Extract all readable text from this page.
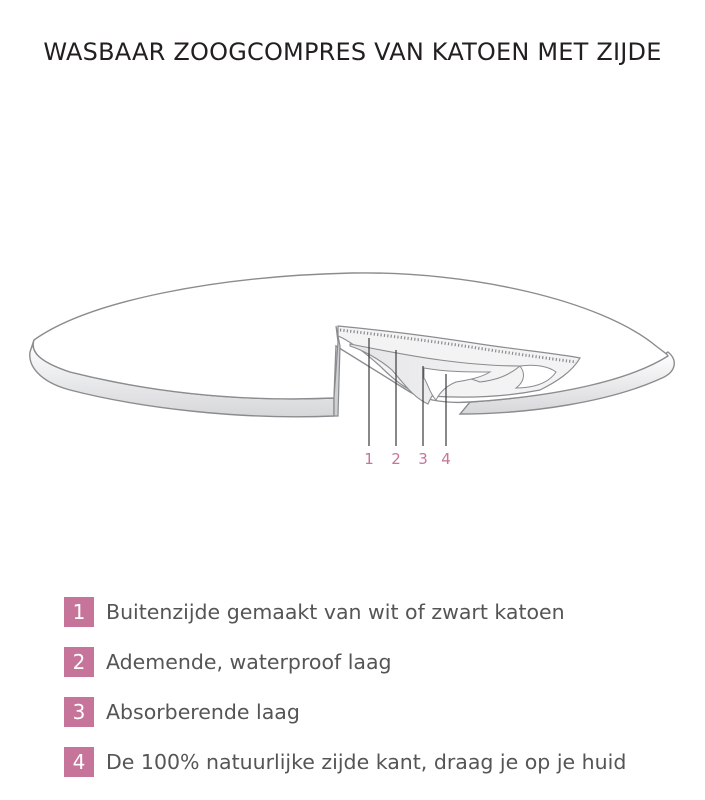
WASBAAR ZOOGCOMPRES VAN KATOEN MET ZIJDE
1 2 3 4
1	Buitenzijde gemaakt van wit of zwart katoen
2	Ademende, waterproof laag
3	Absorberende laag
4	De 100% natuurlijke zijde kant, draag je op je huid
